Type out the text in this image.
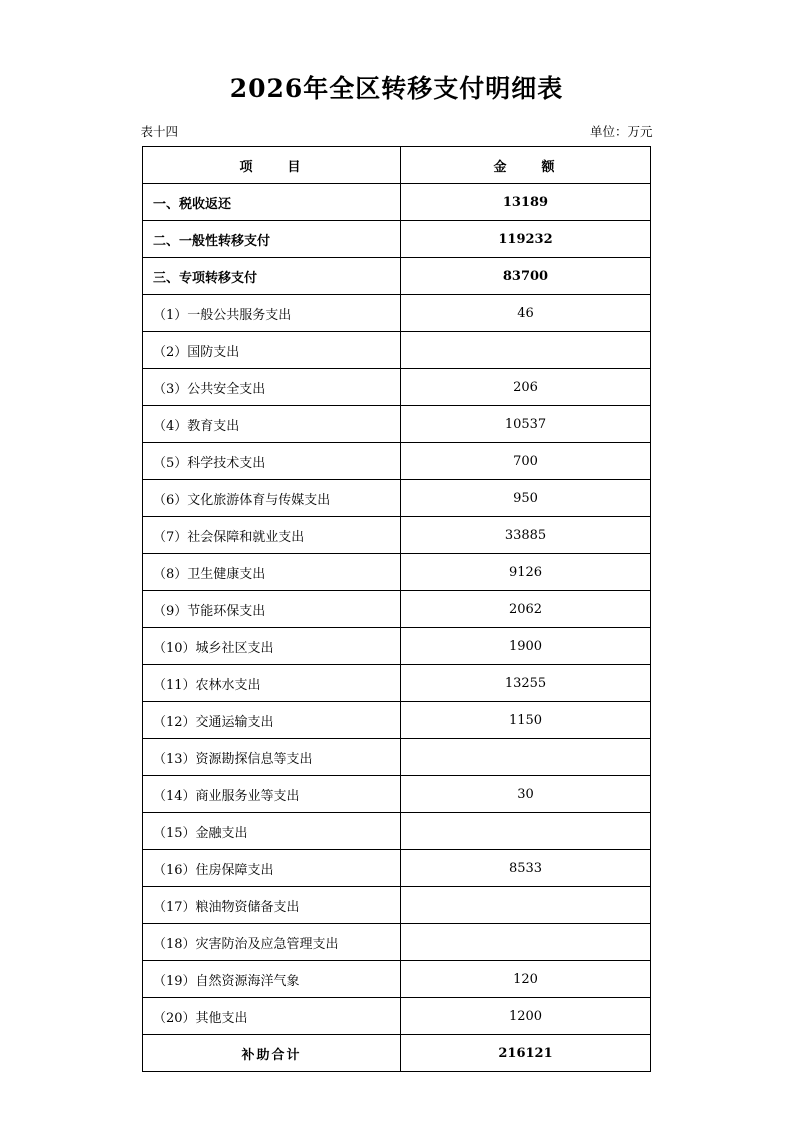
2026年全区转移支付明细表
表十四	单位：万元
项　　目	金　　额
一、税收返还	13189
二、一般性转移支付	119232
三、专项转移支付	83700
（1）一般公共服务支出	46
（2）国防支出	
（3）公共安全支出	206
（4）教育支出	10537
（5）科学技术支出	700
（6）文化旅游体育与传媒支出	950
（7）社会保障和就业支出	33885
（8）卫生健康支出	9126
（9）节能环保支出	2062
（10）城乡社区支出	1900
（11）农林水支出	13255
（12）交通运输支出	1150
（13）资源勘探信息等支出	
（14）商业服务业等支出	30
（15）金融支出	
（16）住房保障支出	8533
（17）粮油物资储备支出	
（18）灾害防治及应急管理支出	
（19）自然资源海洋气象	120
（20）其他支出	1200
补助合计	216121
